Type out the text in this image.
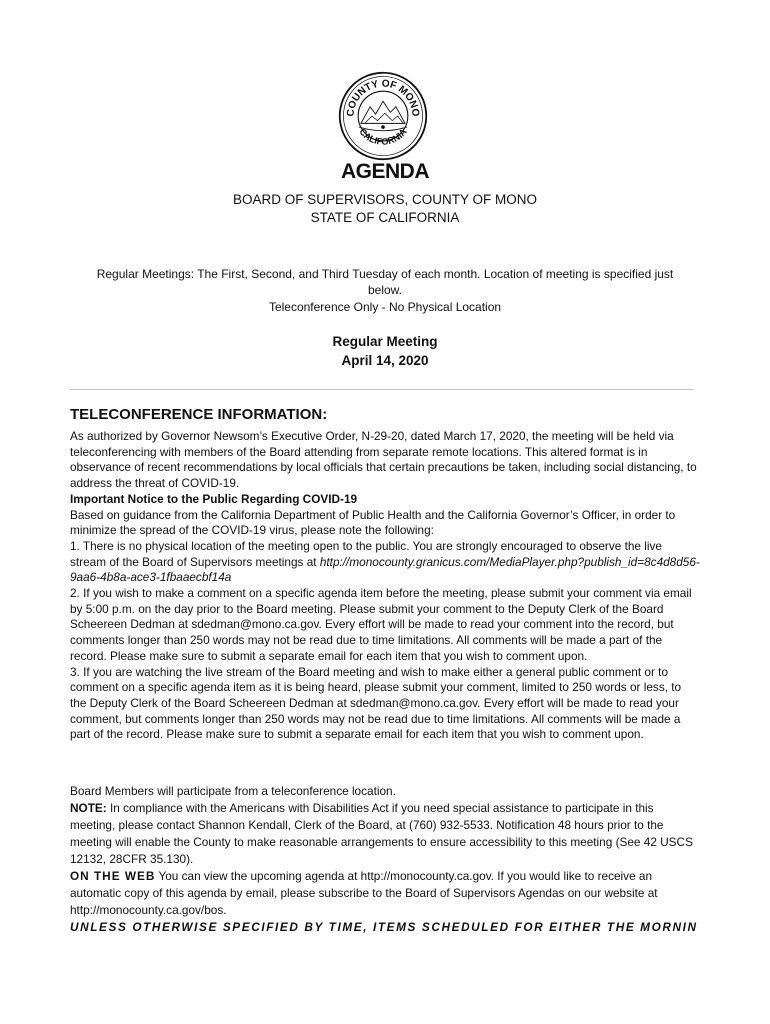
COUNTY OF MONO
CALIFORNIA
AGENDA
BOARD OF SUPERVISORS, COUNTY OF MONO
STATE OF CALIFORNIA
Regular Meetings: The First, Second, and Third Tuesday of each month. Location of meeting is specified just below.
Teleconference Only - No Physical Location
Regular Meeting
April 14, 2020
TELECONFERENCE INFORMATION:

As authorized by Governor Newsom’s Executive Order, N-29-20, dated March 17, 2020, the meeting will be held via teleconferencing with members of the Board attending from separate remote locations. This altered format is in observance of recent recommendations by local officials that certain precautions be taken, including social distancing, to address the threat of COVID-19.

Important Notice to the Public Regarding COVID-19

Based on guidance from the California Department of Public Health and the California Governor’s Officer, in order to minimize the spread of the COVID-19 virus, please note the following:

1. There is no physical location of the meeting open to the public. You are strongly encouraged to observe the live stream of the Board of Supervisors meetings at http://monocounty.granicus.com/MediaPlayer.php?publish_id=8c4d8d56-9aa6-4b8a-ace3-1fbaaecbf14a

2. If you wish to make a comment on a specific agenda item before the meeting, please submit your comment via email by 5:00 p.m. on the day prior to the Board meeting. Please submit your comment to the Deputy Clerk of the Board Scheereen Dedman at sdedman@mono.ca.gov. Every effort will be made to read your comment into the record, but comments longer than 250 words may not be read due to time limitations. All comments will be made a part of the record. Please make sure to submit a separate email for each item that you wish to comment upon.

3. If you are watching the live stream of the Board meeting and wish to make either a general public comment or to comment on a specific agenda item as it is being heard, please submit your comment, limited to 250 words or less, to the Deputy Clerk of the Board Scheereen Dedman at sdedman@mono.ca.gov. Every effort will be made to read your comment, but comments longer than 250 words may not be read due to time limitations. All comments will be made a part of the record. Please make sure to submit a separate email for each item that you wish to comment upon.

Board Members will participate from a teleconference location.

NOTE: In compliance with the Americans with Disabilities Act if you need special assistance to participate in this meeting, please contact Shannon Kendall, Clerk of the Board, at (760) 932-5533. Notification 48 hours prior to the meeting will enable the County to make reasonable arrangements to ensure accessibility to this meeting (See 42 USCS 12132, 28CFR 35.130).

ON THE WEB You can view the upcoming agenda at http://monocounty.ca.gov. If you would like to receive an automatic copy of this agenda by email, please subscribe to the Board of Supervisors Agendas on our website at http://monocounty.ca.gov/bos.

UNLESS OTHERWISE SPECIFIED BY TIME, ITEMS SCHEDULED FOR EITHER THE MORNIN
